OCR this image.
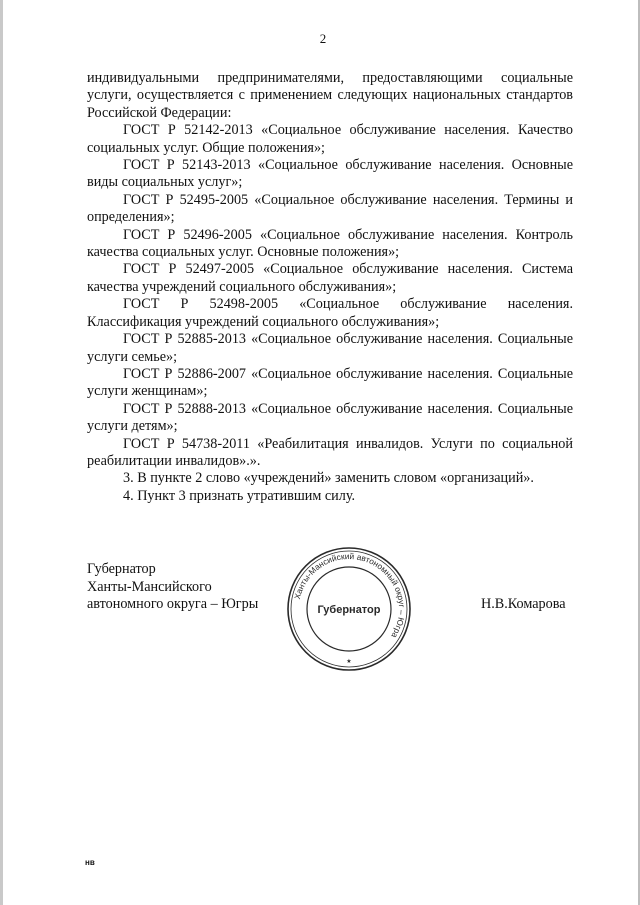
2

индивидуальными предпринимателями, предоставляющими социальные услуги, осуществляется с применением следующих национальных стандартов Российской Федерации:

ГОСТ Р 52142-2013 «Социальное обслуживание населения. Качество социальных услуг. Общие положения»;

ГОСТ Р 52143-2013 «Социальное обслуживание населения. Основные виды социальных услуг»;

ГОСТ Р 52495-2005 «Социальное обслуживание населения. Термины и определения»;

ГОСТ Р 52496-2005 «Социальное обслуживание населения. Контроль качества социальных услуг. Основные положения»;

ГОСТ Р 52497-2005 «Социальное обслуживание населения. Система качества учреждений социального обслуживания»;

ГОСТ Р 52498-2005 «Социальное обслуживание населения. Классификация учреждений социального обслуживания»;

ГОСТ Р 52885-2013 «Социальное обслуживание населения. Социальные услуги семье»;

ГОСТ Р 52886-2007 «Социальное обслуживание населения. Социальные услуги женщинам»;

ГОСТ Р 52888-2013 «Социальное обслуживание населения. Социальные услуги детям»;

ГОСТ Р 54738-2011 «Реабилитация инвалидов. Услуги по социальной реабилитации инвалидов».».

3. В пункте 2 слово «учреждений» заменить словом «организаций».

4. Пункт 3 признать утратившим силу.

Губернатор
Ханты-Мансийского
автономного округа – Югры	Ханты-Мансийский автономный округ – Югра
Губернатор
★
Н.В.Комарова
нв
